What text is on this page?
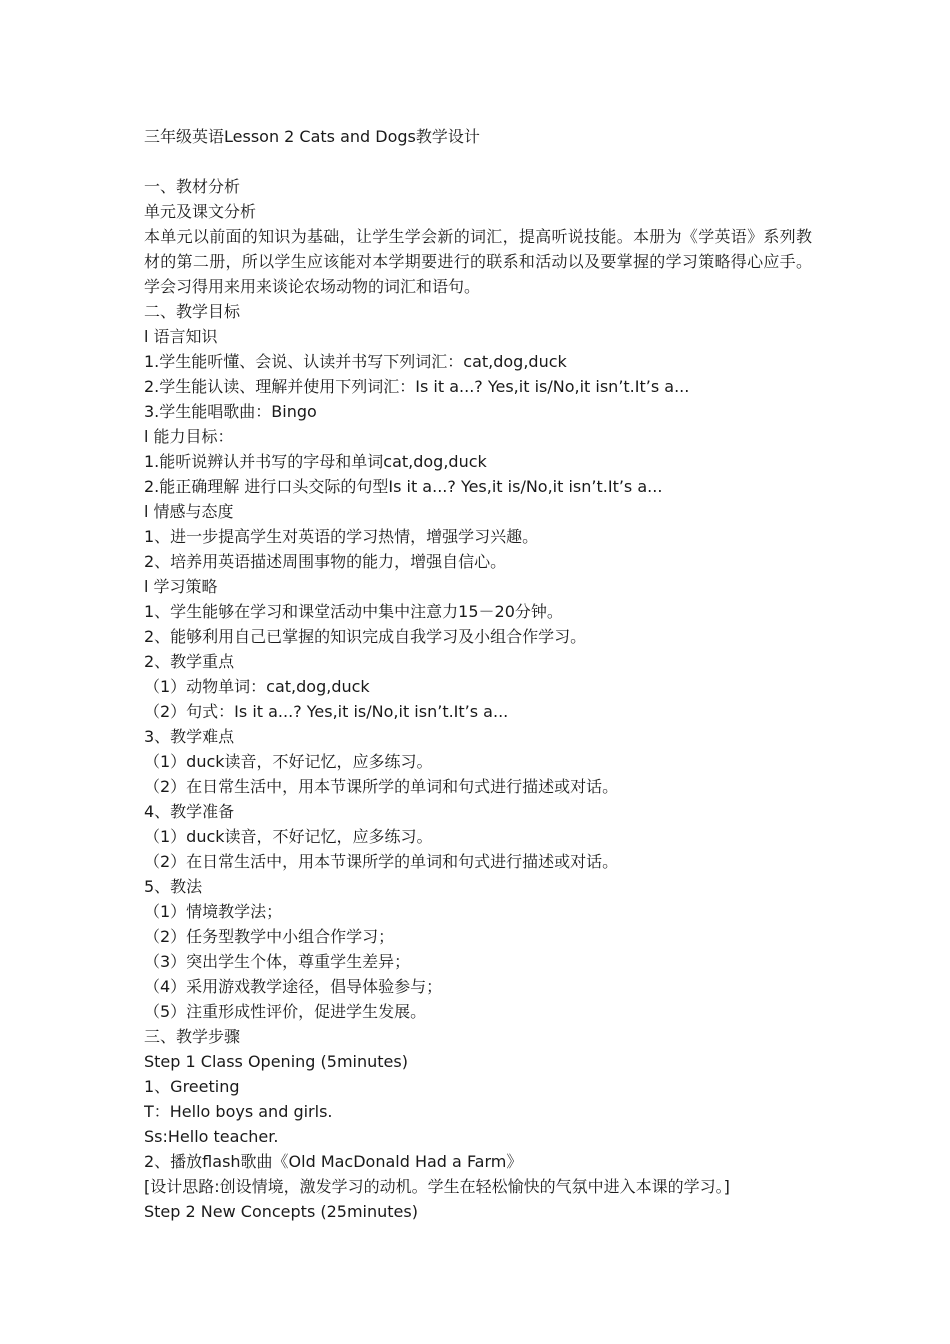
三年级英语Lesson 2 Cats and Dogs教学设计
一、教材分析
单元及课文分析
本单元以前面的知识为基础，让学生学会新的词汇，提高听说技能。本册为《学英语》系列教材的第二册，所以学生应该能对本学期要进行的联系和活动以及要掌握的学习策略得心应手。学会习得用来用来谈论农场动物的词汇和语句。
二、教学目标
l 语言知识
1.学生能听懂、会说、认读并书写下列词汇：cat,dog,duck
2.学生能认读、理解并使用下列词汇：Is it a...? Yes,it is/No,it isn’t.It’s a...
3.学生能唱歌曲：Bingo
l 能力目标：
1.能听说辨认并书写的字母和单词cat,dog,duck
2.能正确理解 进行口头交际的句型Is it a...? Yes,it is/No,it isn’t.It’s a...
l 情感与态度
1、进一步提高学生对英语的学习热情，增强学习兴趣。
2、培养用英语描述周围事物的能力，增强自信心。
l 学习策略
1、学生能够在学习和课堂活动中集中注意力15－20分钟。
2、能够利用自己已掌握的知识完成自我学习及小组合作学习。
2、教学重点
（1）动物单词：cat,dog,duck
（2）句式：Is it a...? Yes,it is/No,it isn’t.It’s a...
3、教学难点
（1）duck读音，不好记忆，应多练习。
（2）在日常生活中，用本节课所学的单词和句式进行描述或对话。
4、教学准备
（1）duck读音，不好记忆，应多练习。
（2）在日常生活中，用本节课所学的单词和句式进行描述或对话。
5、教法
（1）情境教学法；
（2）任务型教学中小组合作学习；
（3）突出学生个体，尊重学生差异；
（4）采用游戏教学途径，倡导体验参与；
（5）注重形成性评价，促进学生发展。
三、教学步骤
Step 1 Class Opening (5minutes)
1、Greeting
T：Hello boys and girls.
Ss:Hello teacher.
2、播放flash歌曲《Old MacDonald Had a Farm》
[设计思路:创设情境，激发学习的动机。学生在轻松愉快的气氛中进入本课的学习。]
Step 2 New Concepts (25minutes)
